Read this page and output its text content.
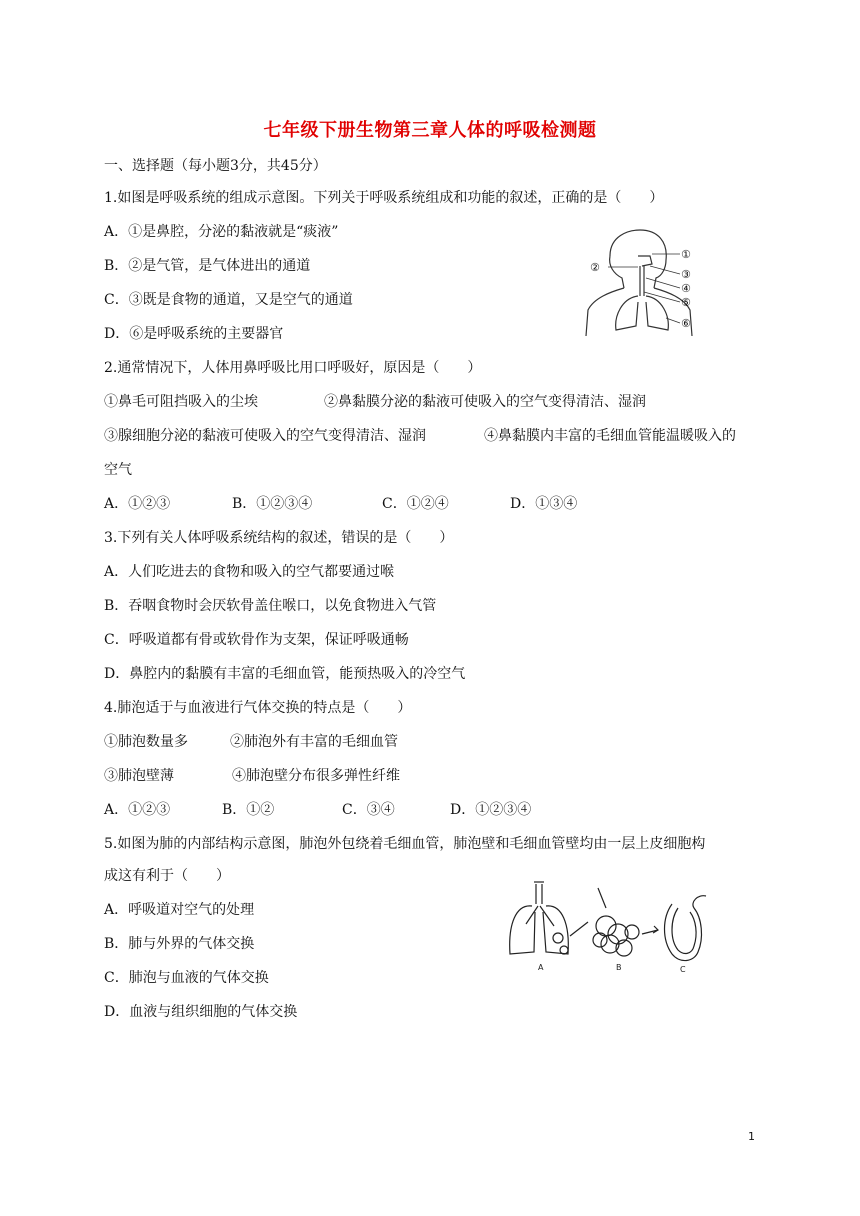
七年级下册生物第三章人体的呼吸检测题
一、选择题（每小题3分，共45分）
1.如图是呼吸系统的组成示意图。下列关于呼吸系统组成和功能的叙述，正确的是（　　）
A．①是鼻腔，分泌的黏液就是“痰液”
B．②是气管，是气体进出的通道
C．③既是食物的通道，又是空气的通道
D．⑥是呼吸系统的主要器官
①
②
③
④
⑤
⑥
2.通常情况下，人体用鼻呼吸比用口呼吸好，原因是（　　）
①鼻毛可阻挡吸入的尘埃	②鼻黏膜分泌的黏液可使吸入的空气变得清洁、湿润
③腺细胞分泌的黏液可使吸入的空气变得清洁、湿润	④鼻黏膜内丰富的毛细血管能温暖吸入的
空气
A．①②③	B．①②③④	C．①②④	D．①③④
3.下列有关人体呼吸系统结构的叙述，错误的是（　　）
A．人们吃进去的食物和吸入的空气都要通过喉
B．吞咽食物时会厌软骨盖住喉口，以免食物进入气管
C．呼吸道都有骨或软骨作为支架，保证呼吸通畅
D．鼻腔内的黏膜有丰富的毛细血管，能预热吸入的冷空气
4.肺泡适于与血液进行气体交换的特点是（　　）
①肺泡数量多	②肺泡外有丰富的毛细血管
③肺泡壁薄	④肺泡壁分布很多弹性纤维
A．①②③	B．①②	C．③④	D．①②③④
5.如图为肺的内部结构示意图，肺泡外包绕着毛细血管，肺泡壁和毛细血管壁均由一层上皮细胞构
成这有利于（　　）
A．呼吸道对空气的处理
B．肺与外界的气体交换
C．肺泡与血液的气体交换
D．血液与组织细胞的气体交换
A	B	C
1
